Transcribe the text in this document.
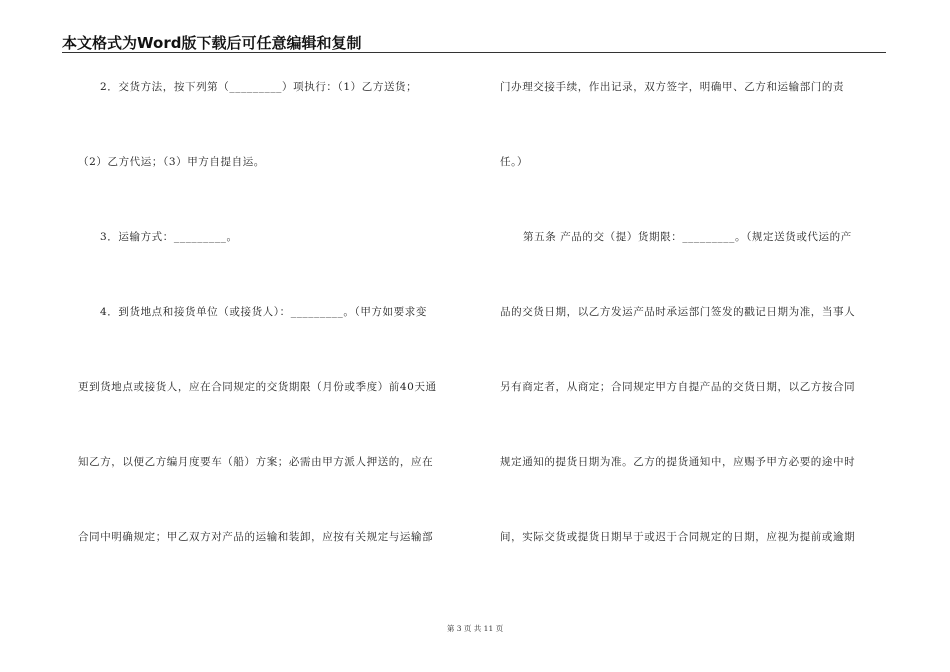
本文格式为Word版下载后可任意编辑和复制
2．交货方法，按下列第（_________）项执行：（1）乙方送货；
（2）乙方代运；（3）甲方自提自运。
3．运输方式：_________。
4．到货地点和接货单位（或接货人）：_________。（甲方如要求变
更到货地点或接货人，应在合同规定的交货期限（月份或季度）前40天通
知乙方，以便乙方编月度要车（船）方案；必需由甲方派人押送的，应在
合同中明确规定；甲乙双方对产品的运输和装卸，应按有关规定与运输部
门办理交接手续，作出记录，双方签字，明确甲、乙方和运输部门的责
任。）
第五条 产品的交（提）货期限：_________。（规定送货或代运的产
品的交货日期，以乙方发运产品时承运部门签发的戳记日期为准，当事人
另有商定者，从商定；合同规定甲方自提产品的交货日期，以乙方按合同
规定通知的提货日期为准。乙方的提货通知中，应赐予甲方必要的途中时
间，实际交货或提货日期早于或迟于合同规定的日期，应视为提前或逾期
第 3 页 共 11 页
